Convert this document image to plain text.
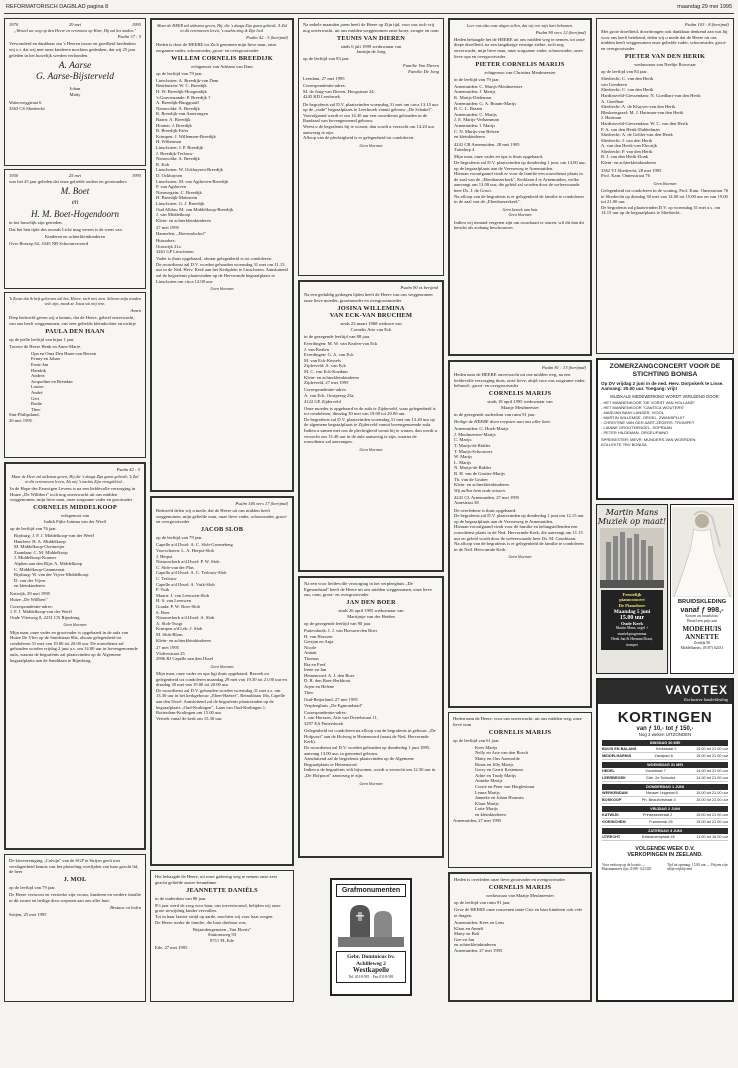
REFORMATORISCH DAGBLAD pagina 8	maandag 29 mei 1995
1970	29 mei	1995

„Wenzel uw weg op den Heere en vertrouwt op Hem; Hij zal het maken."

Psalm 37 : 5

Verwonderd en dankbaar om 's Heeren trouw en goedheid herdenken wij o.i. dat wij met onze kinderen mochten gedenken, dat wij 25 jaar geleden in het huwelijk werden verbonden.

A. Aarse
G. Aarse-Bijsterveld

Johan
Matty

Waterweggtraat 6
3363 CS Sliedrecht

1950	25 mei	1995

was het 45 jaar geleden dat onze geliefde ouders en grootouders

M. Boet

en

H. M. Boet-Hogendoorn

in het huwelijk zijn getreden.

Dat het hen tijde des avonds Licht mag wezen is de wens van

Kinderen en achterkleinkinderen

Over Boezop 62, 4345 NB Schoonrewoerd

'k Zoom dat ik heft gelooven zal het, Heere, toch niet zien. Schoon mijn zonden vele zijn, maak ze Jezus wit mij rein.

Amen

Diep bedroefd geven wij u kennis, dat de Heere, geheel onverwacht, van ons heeft weggenomen, ons zeer geliefde kleindochter en nichtje

PAULA DEN HAAN

op de prille leeftijd van bijna 1 jaar.

Troeste de Heere Henk en Anne-Marie.

Opa en Oma Den Haan-van Berson
Fenny en Johan
Ernst-Jan
Hendrik
Andrea
Jacqueline en Brendan
Louise
André
Gert
Rudie
Theo

Sint-Philipsland,
26 mei 1995

Psalm 42 : 5

Maar de Heer zal uitkomst geven, Hij die 's daags Zijn gunst gebiedt; 'k Zal in dit vertrouwen leven, Als mij 's nachts Zijn vreugdelied...

In de Hope des Eeuwigen Levens is na een liefdevolle verzorging in Huize „De Willibert" toch nog onverwacht uit ons midden weggenomen, mijn lieve man, onze zorgzame vader en grootvader

CORNELIS MIDDELKOOP

echtgenoot van
Judith Fijke Jonima van der Werff

op de leeftijd van 76 jaar.

Rijsburg: J. F. J. Middelkoop-van der Werff
Haarlem: H. A. Middelkoop
M. Middelkoop-Oortmeijer
Zaandam: C. M. Middelkoop
J. Middelkoop-Kramer
Alphen aan den Rijn: A. Middelkoop
C. Middelkoop-Cammeraat
Rijsburg: W. van der Vijver-Middelkoop
D. van der Vijver
en kleinkinderen

Katwijk, 29 mei 1995
Huize „De Willbert"

Correspondentie-adres:
J. F. J. Middelkoop-van der Werff
Oude Vlietweg 8, 2231 CN Rijnsburg

Geen bloemen

Mijn man, onze vader en grootvader is opgebaard in de aula van Huize De Vliet op de Smidstraat 60a, alwaar gelegenheid tot condoleren 31 mei van 19.00 tot 20.00 uur. De rouwdienst zal gehouden worden vrijdag 2 juni a.s. om 14.00 uur in bovengenoemde aula, waarna de begrafenis zal plaatsvinden op de Algemene begraafplaats aan de Sandtlaan te Rijnsburg.

De kiesvereniging „Calvijn" van de SGP te Strijen geeft met verslagenheid kennis van het plotseling overlijden van haar geacht lid, de heer

J. MOL

op de leeftijd van 79 jaar.

De Heere vertroost en versterke zijn vrouw, kinderen en verdere familie in dit zware en heilige door roepsten aan ons aller hart.

Bestuur en leden

Strijen, 25 mei 1995

Maar de HEER zal uitkomst geven, Hij, die 's daags Zijn gunst gebiedt, 'k Zal in dit vertrouwen leven, 's nachts zing ik Zijn lied.

Psalm 42 : 5 (berijmd)

Heden is door de HEERE tot Zich genomen mijn lieve man, onze zorgzame vader, schoonvader, groot- en overgrootvader

WILLEM CORNELIS BREEDIJK

echtgenoot van Adriana van Dam

op de leeftijd van 79 jaar.

Linschoten: A. Breedijk-van Dam
Benthuizen: W. C. Breedijk
H. W. Breedijk-Hoogendijk
's-Gravenzande: P. Breedijk †
A. Breedijk-Burggraaff
Nieuwolda: A. Breedijk
R. Breedijk-van Amerongen
Baarn: A. Breedijk
Houten: J. Breedijk
B. Breedijk-Fafer
Krimpen: J. Willemsen-Breedijk
H. Willemsen
Linschoten: J. P. Breedijk
J. Breedijk-Terlouw
Nieuwolda: A. Breedijk
R. Kok
Linschoten: W. Ockhuysen-Breedijk
D. Ockhuysen
Linschoten: M. van Agthoven-Breedijk
P. van Agthoven
Nieuwegein: C. Breedijk
H. Breedijk-Malestein
Linschoten: G. J. Breedijk
Oud Alblas: M. van Middelkoop-Breedijk
J. van Middelkoop
Klein- en achterkleinkinderen

27 mei 1995
Harmelen, „Hovenalschof"

Huisadres:
Oostwijk 21a
3461 GP Linschoten

Vader is thuis opgebaard, alwaar gelegenheid is tot condoleren.
De rouwdienst zal D.V. worden gehouden woensdag 31 mei om 11.15 uur in de Ned. Herv. Kerk aan het Kerkplein te Linschoten. Aansluitend zal de begrafenis plaatsvinden op de Hervormde begraafplaats te Linschoten om circa 12.00 uur.

Geen bloemen

Psalm 146 vers 17 (berijmd)

Bedroefd delen wij u mede, dat de Heere uit ons midden heeft weggenomen, mijn geliefde man, onze lieve vader, schoonvader, groot- en overgrootvader

JACOB SLOB

op de leeftijd van 79 jaar.

Capelle a/d IJssel: A. C. Slob-Groeneberg
Voorschoten: L. A. Herpst-Slob
J. Herpst
Nieuwerkerk a/d IJssel: P. W. Slob
C. Slob-van der Plas
Capelle a/d IJssel: A. C. Terlouw-Slob
C. Terlouw
Capelle a/d IJssel: A. Vuik-Slob
P. Vuik
Maarn: J. van Leeuwen-Slob
H. S. van Leeuwen
Gouda: P. W. Boer-Slob
S. Boer
Nieuwerkerk a/d IJssel: A. Slob
A. Slob-Twigt
Krimpen a/d Lek: J. Slob
M. Slob-Blom
Klein- en achterkleinkinderen

27 mei 1995
Vlolierstraat 25
2906 RJ Capelle aan den IJssel

Geen bloemen

Mijn man, onze vader en opa ligt thuis opgebaard. Bezoek en gelegenheid tot condoleren maandag 29 mei van 19.30 tot 21.00 uur en dinsdag 30 mei van 19.00 tot 20.00 uur.
De rouwdienst zal D.V. gehouden worden woensdag 31 mei a.s. om 13.30 uur in het kerkgebouw „Eben-Haëzer", Reinaldaan 18a, Capelle aan den IJssel. Aansluitend zal de begrafenis plaatsvinden op de begraafplaats „Oud-Kralingen", Laan van Oud-Kralingen 1, Rotterdam-Kralingen om 15.00 uur.
Vertrek vanaf de kerk om 15.30 uur.

Het behaagde de Heere, uit onze gadering weg te nemen onze zeer geacht geliefde zuster-freundinne

JEANNETTE DANIËLS

in de ouderdom van 86 jaar.

8½ jaar werd de zorg voor haar, ons toevertrouwd, belijden wij onze grote trewijding kinder vervullen.
Tot in haar laatste strijd op aarde, mochten wij voor haar zorgen.
De Heere sterke de familie, die haar dierbaar was.

Bejaardengenoten „Van Ekeris"
Stationsweg 93
8711 PL Ede

Ede, 27 mei 1995

Na enkele maanden jaren heeft de Heere op Zijn tijd, voor ons toch vrij nog onverwacht, uit ons midden weggenomen onze broer, zwager en oom

TEUNIS VAN DIEREN

sinds 6 juli 1999 weduwnaar van
Jantrijn de Jong

op de leeftijd van 83 jaar.

Familie Van Dieren
Familie De Jong

Leerdam, 27 mei 1995

Correspondentie-adres:
M. de Jong-van Dieren, Hoogstraat 24,
4245 KD Leerbroek

De begrafenis zal D.V. plaatsvinden woensdag 31 mei om circa 13.15 uur op de „oude" begraafplaats te Leerbroek vanuit gebouw „De Schakel".
Voorafgaand wordt er om 14.30 uur een rouwdienst gehouden in de Raadzaal van bovengenoemd gebouw.
Weest u de begrafenis bij te wonen, dan wordt u verzocht om 14.20 uur aanwezig te zijn.
Afloop van de plechtigheid is er gelegenheid tot condoleren.

Geen bloemen

Psalm 90 vs berijmd

Na een geduldig gedragen lijden heeft de Heere van ons weggenomen onze lieve moeder, grootmoeder en overgrootmoeder

JOSINA WILLEMINA
VAN ECK-VAN BRUCHEM

sinds 23 maart 1968 weduwe van
Cornelis Arie van Eck

in de gezegende leeftijd van 88 jaar.

Everdingen: M. W. van Kealen-van Eck
J. van Kealen
Everdingen: G. A. van Eck
M. van Eck-Kessels
Zijderveld: A. van Eck
M. C. van Eck-Koedam
Klein- en achterkleinkinderen

Zijderveld, 27 mei 1995

Correspondentie-adres:
A. van Eck, Oostpeerg 23a,
4122 GE Zijderveld

Onze moeder is opgebaard in de aula te Zijderveld, waar gelegenheid is tot condoleren, dinsdag 30 mei van 19.00 tot 20.00 uur.
De begrafenis zal D.V. plaatsvinden woensdag 31 mei om 13.20 uur op de algemene begraafplaats te Zijderveld vanuit bovengenoemde aula.
Indien u samen met ons de plechtigheid wenst bij te wonen, dan wordt u verzocht om 13.40 uur in de aula aanwezig te zijn, waarna de rouwdienst zal aanvangen.

Geen bloemen

Na een voor liefdevolle verzorging in het verpleeghuis „De Egmondstad" heeft de Heere uit ons midden weggenomen, onze lieve zus, oom, groot- en overgrootvader

JAN DEN BOER

sinds 26 april 1995 weduwnaar van
Martijntje van der Heiden

op de gezegende leeftijd van 90 jaar.

Puttershoek: I. J. van Horssen-den Boer
H. van Horssen
Gerrjan en Anja
Nicole
Annati
Thomas
Ria en Fred
Irene en Jan
Heinenoord: A. J. den Boer
D. R. den Boer-Berkhout
Arjen en Helene
Theo

Oud-Beijerland, 27 mei 1995
Verpleeghuis „De Egmondstad"

Correspondentie-adres:
I. van Horssen, Arie van Dretelstraat 11,
3297 EA Puttershoek

Gelegenheid tot condoleren na afloop van de begrafenis in gebouw „De Hofpoort" aan de Hofweg te Heinenoord (naast de Ned. Hervormde Kerk).
De rouwdienst zal D.V. worden gehouden op donderdag 1 juni 1995, aanvang 13.00 uur, in genoemd gebouw.
Aansluitend zal de begrafenis plaatsvinden op de Algemene Begraafplaats te Heinenoord.
Indien u de begrafenis wilt bijwonen, wordt u verzocht om 12.50 uur in „De Hofpoort" aanwezig te zijn.

Geen bloemen

Grafmonumenten
Gebr. Dominicus bv.
Achilleweg 2
Westkapelle
Tel. 0118-581 · Fax 0118-581

Leer ons alzo onze dagen tellen, dat wij een wijs hart bekomen.

Psalm 90 vers 12 (berijmd)

Heden behaagde het de HEERE uit ons midden weg te nemen, tot onze diepe droefheid, na een langdurige ernstige ziekte, toch nog onverwacht, mijn lieve man, onze zorgzame vader, schoonvader, onze lieve opa en overgrootvader

PIETER CORNELIS MARIJS

echtgenoot van Christina Meulmeester

in de leeftijd van 79 jaar.

Arnemuiden: C. Marijs-Meulmeester
Arnemuiden: J. Marijs
K. Marijs-Dieleman
Arnemuiden: G. A. Braam-Marijs
B. C. L. Braam
Arnemuiden: C. Marijs
J. E. Marijs-Verhamman
Arnemuiden: I. Marijs
C. N. Marijs-van Belzen
en kleinkinderen

4241 CB Arnemuiden, 28 mei 1995
Tuindorp 4

Mijn man, onze vader en opa is thuis opgebaard.
De begrafenis zal D.V. plaatsvinden op donderdag 1 juni, om 14.00 uur, op de begraafplaats aan de Veerseweg te Arnemuiden.
Hieraan voorafgaand vindt er voor de familie een rouwdienst plaats in de zaal van de „Ebenhaezerkerk", Kerklaan 4 te Arnemuiden, welke aanvangt om 13.00 uur, die geleid zal worden door de weleerwaarde heer Ds. J. de Groot.
Na afloop van de begrafenis is er gelegenheid de familie te condoleren in de zaal van de „Ebenhaezerkerk".

Geen bezoek aan huis
Geen bloemen

Indien wij iemand vergeten zijn om rouwkaart te sturen, wil dit dan dit bericht als zodanig beschouwen.

Psalm 81 : 13 (berijmd)

Heden nam de HEERE onverwacht uit ons midden weg, na een liefdevolle verzorging thuis, onze lieve, altijd voor ons zorgzame vader, behuwd-, groot- en overgrootvader

CORNELIS MARIJS

sinds 18 april 1995 weduwnaar van
Maatje Meulmeester

in de gezegende ouderdom van ruim 91 jaar.

Heilige de HEERE doen roepsten aan ons aller hart.

Arnemuiden: G. Hoek-Marijs
J. Meulmeester-Marijs
C. Marijs
T. Marijs-de Ridder
T. Marijs-Schouwers
W. Marijs
L. Marijs
N. Marijs-de Ridder
B. H. van de Grutter-Marijs
Th. van de Grutter
Klein- en achterkleinkinderen

Wij zullen hem node missen.

4241 CL Arnemuiden, 27 mei 1995
Amestraat 38

De overledene is thuis opgebaard.
De begrafenis zal D.V. plaatsvinden op donderdag 1 juni om 12.15 uur op de begraafplaats aan de Veerseweg te Arnemuiden.
Hieraan voorafgaand vindt voor de familie en belangstellenden een rouwdienst plaats in de Ned. Hervormde Kerk, die aanvangt om 11.15 uur en geleid wordt door de weleerwaarde heer Ds. M. Goudriaan.
Na afloop van de begrafenis is er gelegenheid de familie te condoleren in de Ned. Hervormde Kerk.

Geen bloemen

Heden nam de Heere, voor ons onverwacht, uit ons midden weg, onze lieve oom

CORNELIS MARIJS

op de leeftijd van 61 jaar.

Kees Marijs
Nelly en Arie van den Bosch
Matty en Ons Aaemolde
Rinus en Jilly Marijs
Gerry en Gerrit Kesteman
Adrie en Trudy Marijs
Anneke Marijs
Corrie en Peter van Horglestraat
Leuna Marijs
Janneke en Johan Houmes
Klaas Marijs
Lotte Marijs
en kleinkinderen

Arnemuiden, 27 mei 1995

Heden is overleden onze lieve grootvader en overgrootvader

CORNELIS MARIJS

weduwnaar van Maatje Meulmeester

op de leeftijd van ruim 91 jaar.

Geve de HEERE onze rouwenen tante Grie en haar kinderen ook vele te dragen.

Arnemuiden: Kees en Lens
Klaas en Anneli
Matty en Bob
Gee en Jan
en achterkleinkinderen

Arnemuiden, 27 mei 1995

Psalm 103 : 8 (berijmd)

Met grote droefheid, doordrongen ook dankbaar denkend aan wat hij voor ons heeft betekend, delen wij u mede dat de Heere uit ons midden heeft weggenomen onze geliefde vader, schoonvader, groot- en overgrootvader

PIETER VAN DEN HERIK

weduwnaar van Neeltje Roosvaar

op de leeftijd van 84 jaar.

Sliedrecht: C. van den Herik
van Gonderen
Sliedrecht: C. van den Herik
Hardinxveld-Giessendam: N. Goedhart-van den Herik
A. Goedhart
Sliedrecht: A. de Kluyver-van den Herik
Bleskensgraaf: M. J. Hartman-van den Herik
J. Hartman
Hardinxveld-Giessendam: W. C. van den Herik
P. A. van den Herik-Dubbelman
Sliedrecht: A. de Gelder-van den Herik
Sliedrecht: J. van den Herik
A. van den Herik-van Eloorijk
Sliedrecht: P. van den Herik
B. J. van den Herik-Donk
Klein- en achterkleinkinderen

3362 VJ Sliedrecht, 28 mei 1995
Prof. Kam. Onnesstraat 76

Geen bloemen

Gelegenheid tot condoleren in de woning, Prof. Kam. Onnesstraat 76 te Sliedrecht op dinsdag 30 mei van 14.00 tot 15.00 uur en van 19.00 tot 21.00 uur.
De begrafenis zal plaatsvinden D.V. op woensdag 31 mei a.s. om 14.15 uur op de begraafplaats te Sliedrecht.

ZOMERZANGCONCERT VOOR DE STICHTING BONISA
Op DV vrijdag 2 juni in de ned. Herv. Dorpskerk te Lisse. Aanvang: 20.00 uur. Toegang: vrij!!
MUZIKALE MEDEWERKING WORDT VERLEEND DOOR:
- HET MANNENKOOR "DE VORST VAN HOLLAND"
- HET MANNENKOOR "CANTICA WOUTERS"
- MARIJAN BAAY-LANSER, VIOOL
- MARTIN WILLEMSE, ORGEL, ZWANSPLUIT
- CHRISTINE VAN DER AART-ZEGERS, TROMPET
- LIANNE GROOTHENGEL, SOPRAAN
- PETER HILDEMAN, ORGEL/PIANO
SPREKESTER: MEVR. MUNDERS-VAN WOERDEN
KOLLEKTE TBV BONISA
Martin Mans
Muziek op maat!
Feestelijk
pianoconcert
De Pianoboer
Maandag 5 juni
15.00 uur
Oude Kerk
Martin Mans, orgel +
muziekprogramma
Henk Jan & Herman Draat,
trompet
BRUIDSKLEDING
vanaf ƒ 998,-
Kosten art bruidsfoto,
Bestel een prijs aan
MODEHUIS
ANNETTE
Zeedijk 96
Middelharnis, (0187) 62431
VAVOTEX
Exclusieve kinderkleding
KORTINGEN
van ƒ 10,- tot ƒ 150,-
Nog 3 weken UITZONDEN
DINSDAG 30 MEI
BUIJS EN BALANS	Kerkstraat 2	15.00 tot 21.00 uur
MIDDELHARNIS	Zandpad 8	15.00 tot 21.00 uur
WOENSDAG 31 MEI
HEDEL	Voorstraat 7	14.00 tot 21.00 uur
LEERBROEK	Gde. 2e Schoolst.	14.00 tot 21.00 uur
DONDERDAG 1 JUNI
WERKENDAM	Nieuwe Lingewal 6	15.00 tot 21.00 uur
BOSKOOP	Ph. Beaufortstraat 3	15.00 tot 21.00 uur
VRIJDAG 2 JUNI
KATWIJK	Prinsessestraat 2	15.00 tot 21.00 uur
GORINCHEM	Frankenstr 25	15.00 tot 21.00 uur
ZATERDAG 3 JUNI
UTRECHT	Eekkamerspraat 46	11.00 tot 16.00 uur
VOLGENDE WEEK D.V.
VERKOPINGEN IN ZEELAND.
Voor verkoop op de locatie — Huisnummers lijst: 0188 - 621345
Tijd tot opening: 15.00 uur — Prijzen zijn altijd vrijblijvend
